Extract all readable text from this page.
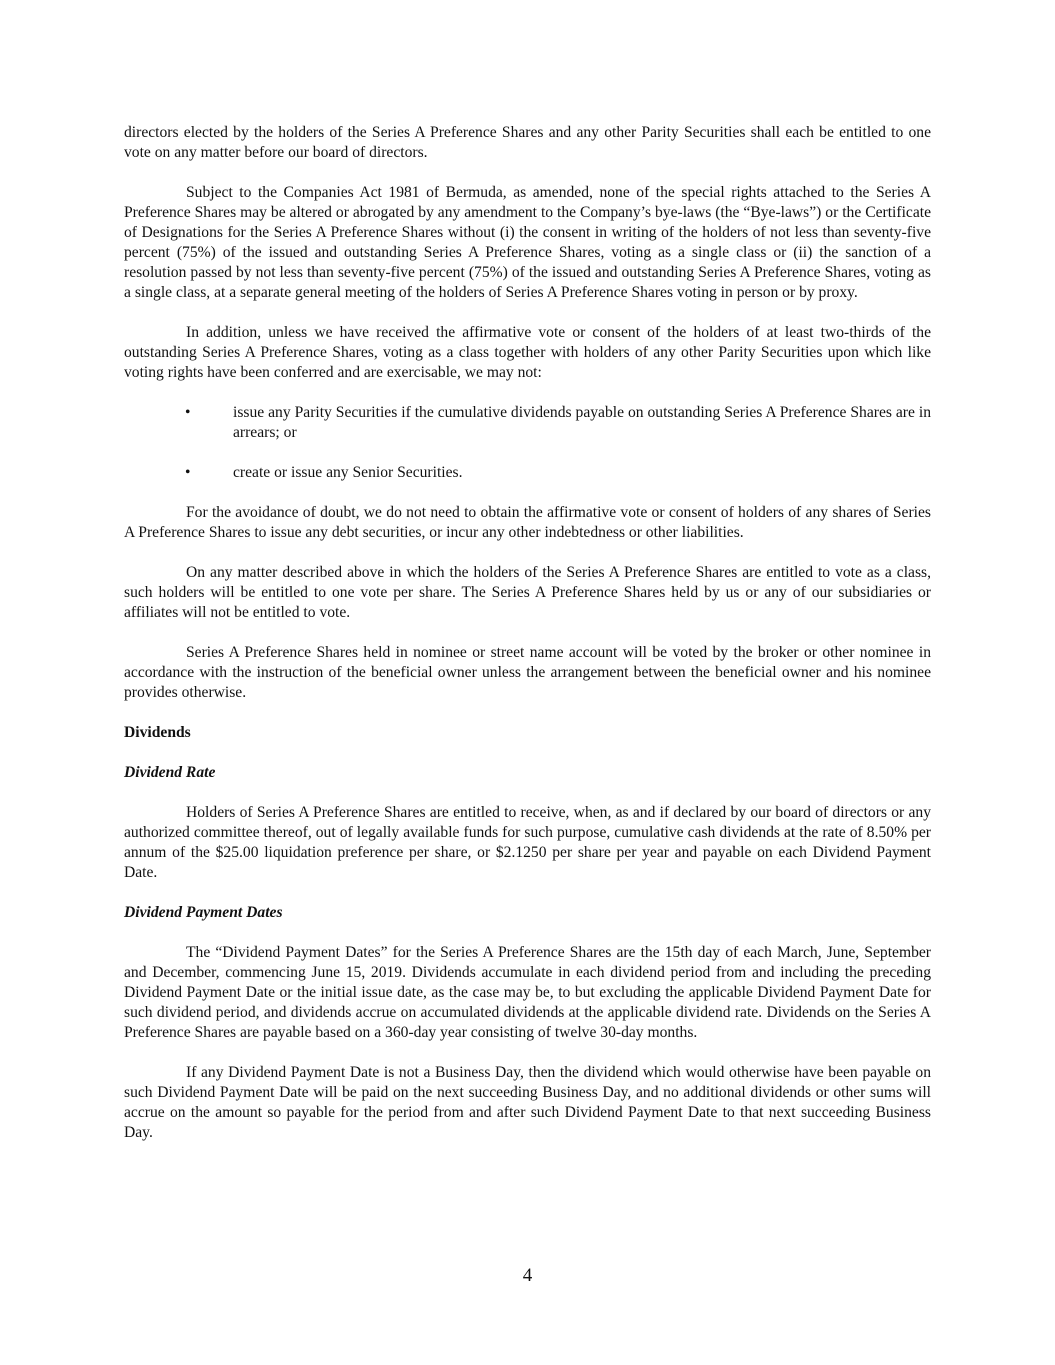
directors elected by the holders of the Series A Preference Shares and any other Parity Securities shall each be entitled to one vote on any matter before our board of directors.

Subject to the Companies Act 1981 of Bermuda, as amended, none of the special rights attached to the Series A Preference Shares may be altered or abrogated by any amendment to the Company’s bye-laws (the “Bye-laws”) or the Certificate of Designations for the Series A Preference Shares without (i) the consent in writing of the holders of not less than seventy-five percent (75%) of the issued and outstanding Series A Preference Shares, voting as a single class or (ii) the sanction of a resolution passed by not less than seventy-five percent (75%) of the issued and outstanding Series A Preference Shares, voting as a single class, at a separate general meeting of the holders of Series A Preference Shares voting in person or by proxy.

In addition, unless we have received the affirmative vote or consent of the holders of at least two-thirds of the outstanding Series A Preference Shares, voting as a class together with holders of any other Parity Securities upon which like voting rights have been conferred and are exercisable, we may not:

•	issue any Parity Securities if the cumulative dividends payable on outstanding Series A Preference Shares are in arrears; or
•	create or issue any Senior Securities.

For the avoidance of doubt, we do not need to obtain the affirmative vote or consent of holders of any shares of Series A Preference Shares to issue any debt securities, or incur any other indebtedness or other liabilities.

On any matter described above in which the holders of the Series A Preference Shares are entitled to vote as a class, such holders will be entitled to one vote per share. The Series A Preference Shares held by us or any of our subsidiaries or affiliates will not be entitled to vote.

Series A Preference Shares held in nominee or street name account will be voted by the broker or other nominee in accordance with the instruction of the beneficial owner unless the arrangement between the beneficial owner and his nominee provides otherwise.

Dividends

Dividend Rate

Holders of Series A Preference Shares are entitled to receive, when, as and if declared by our board of directors or any authorized committee thereof, out of legally available funds for such purpose, cumulative cash dividends at the rate of 8.50% per annum of the $25.00 liquidation preference per share, or $2.1250 per share per year and payable on each Dividend Payment Date.

Dividend Payment Dates

The “Dividend Payment Dates” for the Series A Preference Shares are the 15th day of each March, June, September and December, commencing June 15, 2019. Dividends accumulate in each dividend period from and including the preceding Dividend Payment Date or the initial issue date, as the case may be, to but excluding the applicable Dividend Payment Date for such dividend period, and dividends accrue on accumulated dividends at the applicable dividend rate. Dividends on the Series A Preference Shares are payable based on a 360-day year consisting of twelve 30-day months.

If any Dividend Payment Date is not a Business Day, then the dividend which would otherwise have been payable on such Dividend Payment Date will be paid on the next succeeding Business Day, and no additional dividends or other sums will accrue on the amount so payable for the period from and after such Dividend Payment Date to that next succeeding Business Day.

4
